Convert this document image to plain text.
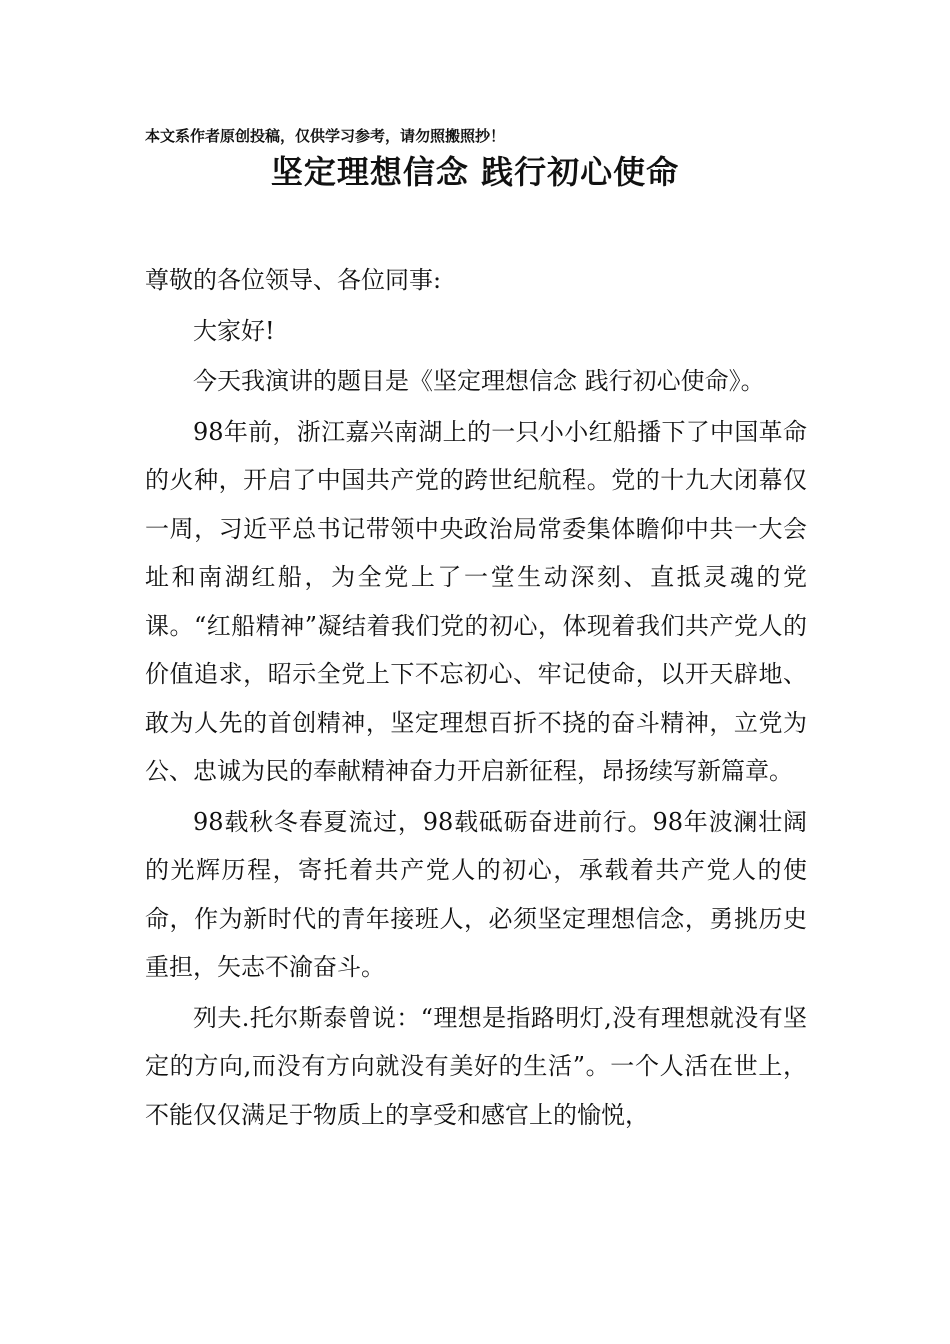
本文系作者原创投稿，仅供学习参考，请勿照搬照抄！
坚定理想信念 践行初心使命

尊敬的各位领导、各位同事:

大家好!

今天我演讲的题目是《坚定理想信念 践行初心使命》。

98年前，浙江嘉兴南湖上的一只小小红船播下了中国革命的火种，开启了中国共产党的跨世纪航程。党的十九大闭幕仅一周，习近平总书记带领中央政治局常委集体瞻仰中共一大会址和南湖红船，为全党上了一堂生动深刻、直抵灵魂的党课。“红船精神”凝结着我们党的初心，体现着我们共产党人的价值追求，昭示全党上下不忘初心、牢记使命，以开天辟地、敢为人先的首创精神，坚定理想百折不挠的奋斗精神，立党为公、忠诚为民的奉献精神奋力开启新征程，昂扬续写新篇章。

98载秋冬春夏流过，98载砥砺奋进前行。98年波澜壮阔的光辉历程，寄托着共产党人的初心，承载着共产党人的使命，作为新时代的青年接班人，必须坚定理想信念，勇挑历史重担，矢志不渝奋斗。

列夫.托尔斯泰曾说：“理想是指路明灯,没有理想就没有坚定的方向,而没有方向就没有美好的生活”。一个人活在世上，不能仅仅满足于物质上的享受和感官上的愉悦，
